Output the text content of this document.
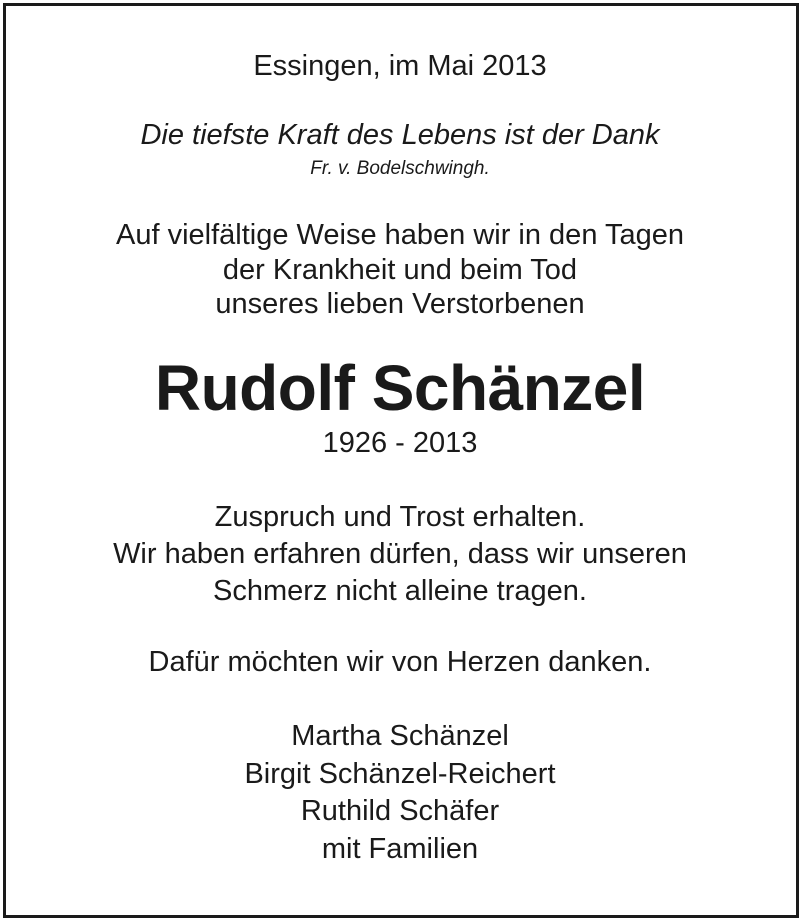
Essingen, im Mai 2013

Die tiefste Kraft des Lebens ist der Dank

Fr. v. Bodelschwingh.

Auf vielfältige Weise haben wir in den Tagen

der Krankheit und beim Tod

unseres lieben Verstorbenen

Rudolf Schänzel

1926 - 2013

Zuspruch und Trost erhalten.

Wir haben erfahren dürfen, dass wir unseren

Schmerz nicht alleine tragen.

Dafür möchten wir von Herzen danken.

Martha Schänzel

Birgit Schänzel-Reichert

Ruthild Schäfer

mit Familien
